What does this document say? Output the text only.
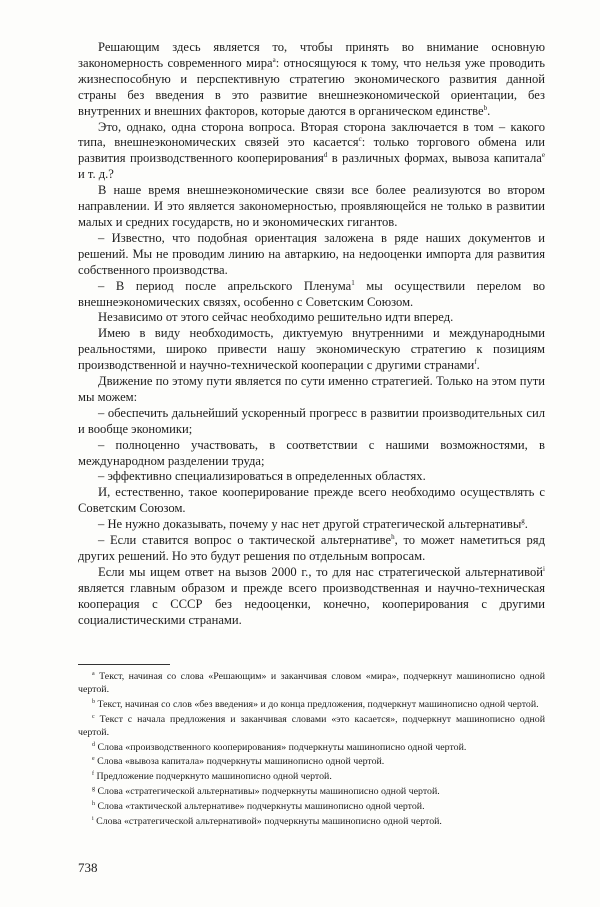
Решающим здесь является то, чтобы принять во внимание основную закономерность современного мира$^a$: относящуюся к тому, что нельзя уже проводить жизнеспособную и перспективную стратегию экономического развития данной страны без введения в это развитие внешнеэкономической ориентации, без внутренних и внешних факторов, которые даются в органическом единстве$^b$.

Это, однако, одна сторона вопроса. Вторая сторона заключается в том – какого типа, внешнеэкономических связей это касается$^c$: только торгового обмена или развития производственного кооперирования$^d$ в различных формах, вывоза капитала$^e$ и т. д.?

В наше время внешнеэкономические связи все более реализуются во втором направлении. И это является закономерностью, проявляющейся не только в развитии малых и средних государств, но и экономических гигантов.

– Известно, что подобная ориентация заложена в ряде наших документов и решений. Мы не проводим линию на автаркию, на недооценки импорта для развития собственного производства.

– В период после апрельского Пленума$^1$ мы осуществили перелом во внешнеэкономических связях, особенно с Советским Союзом.

Независимо от этого сейчас необходимо решительно идти вперед.

Имею в виду необходимость, диктуемую внутренними и международными реальностями, широко привести нашу экономическую стратегию к позициям производственной и научно-технической кооперации с другими странами$^f$.

Движение по этому пути является по сути именно стратегией. Только на этом пути мы можем:

– обеспечить дальнейший ускоренный прогресс в развитии производительных сил и вообще экономики;

– полноценно участвовать, в соответствии с нашими возможностями, в международном разделении труда;

– эффективно специализироваться в определенных областях.

И, естественно, такое кооперирование прежде всего необходимо осуществлять с Советским Союзом.

– Не нужно доказывать, почему у нас нет другой стратегической альтернативы$^g$.

– Если ставится вопрос о тактической альтернативе$^h$, то может наметиться ряд других решений. Но это будут решения по отдельным вопросам.

Если мы ищем ответ на вызов 2000 г., то для нас стратегической альтернативой$^i$ является главным образом и прежде всего производственная и научно-техническая кооперация с СССР без недооценки, конечно, кооперирования с другими социалистическими странами.

$^a$ Текст, начиная со слова «Решающим» и заканчивая словом «мира», подчеркнут машинописно одной чертой.

$^b$ Текст, начиная со слов «без введения» и до конца предложения, подчеркнут машинописно одной чертой.

$^c$ Текст с начала предложения и заканчивая словами «это касается», подчеркнут машинописно одной чертой.

$^d$ Слова «производственного кооперирования» подчеркнуты машинописно одной чертой.

$^e$ Слова «вывоза капитала» подчеркнуты машинописно одной чертой.

$^f$ Предложение подчеркнуто машинописно одной чертой.

$^g$ Слова «стратегической альтернативы» подчеркнуты машинописно одной чертой.

$^h$ Слова «тактической альтернативе» подчеркнуты машинописно одной чертой.

$^i$ Слова «стратегической альтернативой» подчеркнуты машинописно одной чертой.

738
